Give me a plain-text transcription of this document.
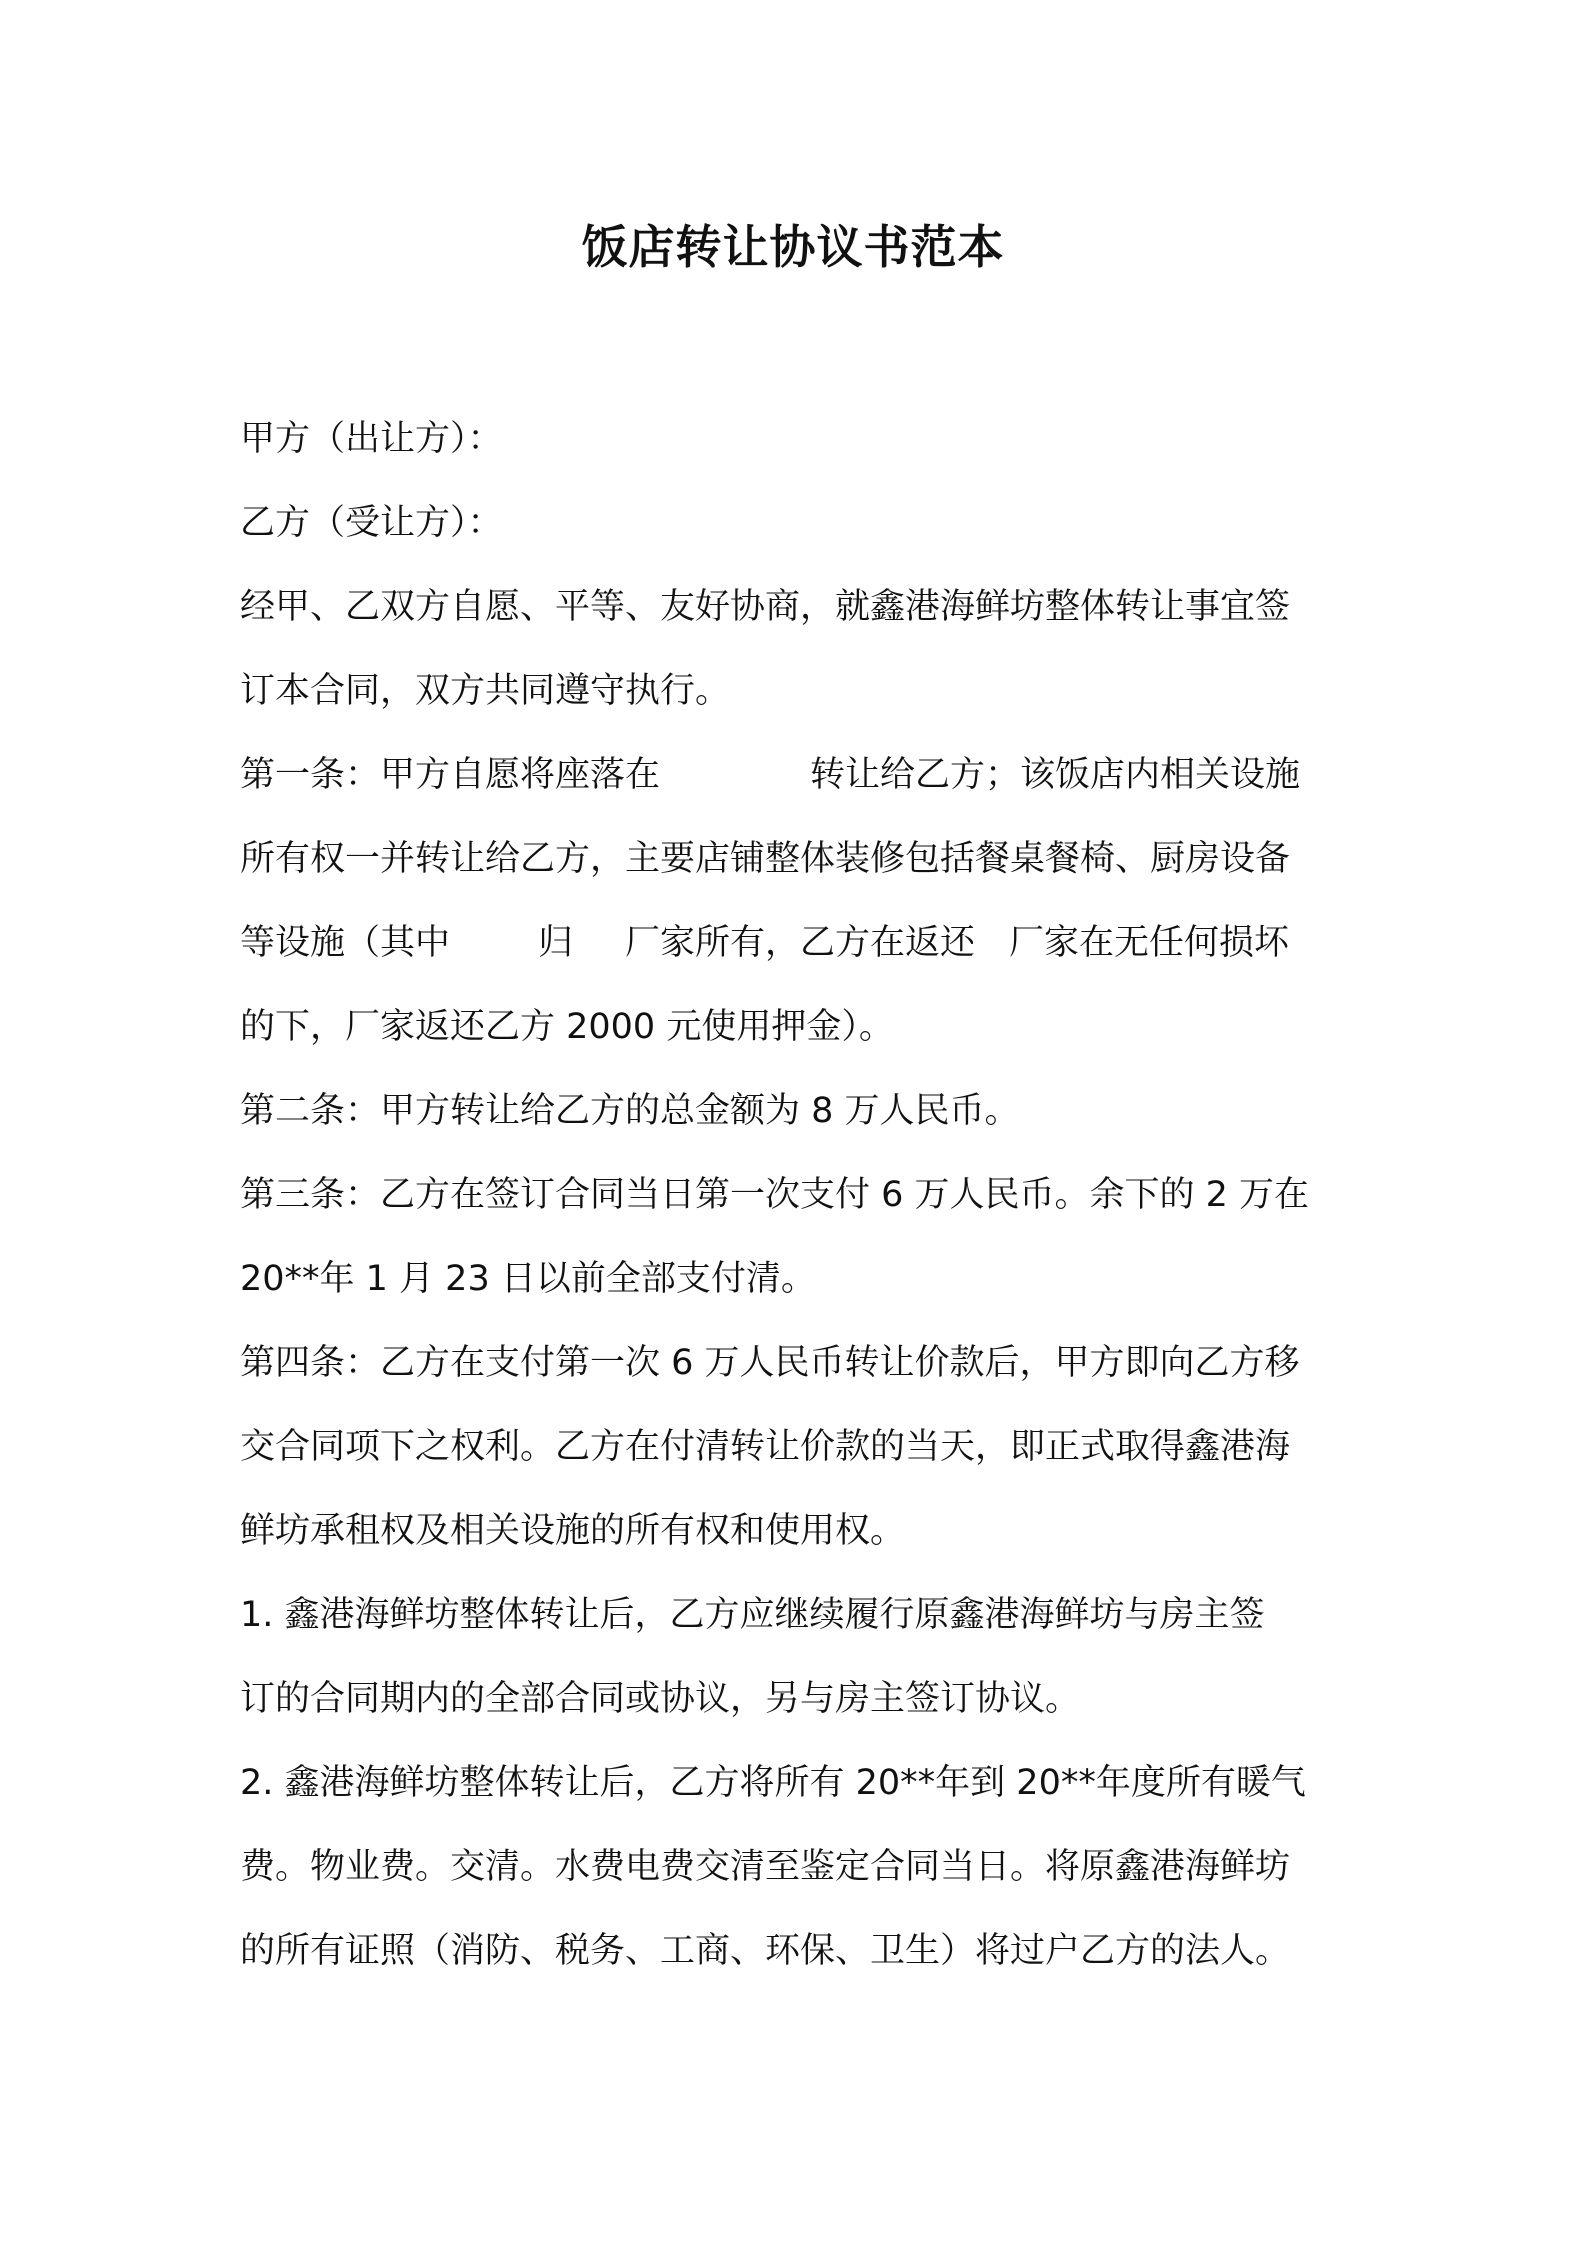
饭店转让协议书范本
甲方（出让方）：
乙方（受让方）：
经甲、乙双方自愿、平等、友好协商，就鑫港海鲜坊整体转让事宜签
订本合同，双方共同遵守执行。
第一条：甲方自愿将座落在	转让给乙方；该饭店内相关设施
所有权一并转让给乙方，主要店铺整体装修包括餐桌餐椅、厨房设备
等设施（其中	归 厂家所有，乙方在返还 厂家在无任何损坏
的下，厂家返还乙方 2000 元使用押金）。
第二条：甲方转让给乙方的总金额为 8 万人民币。
第三条：乙方在签订合同当日第一次支付 6 万人民币。余下的 2 万在
20**年 1 月 23 日以前全部支付清。
第四条：乙方在支付第一次 6 万人民币转让价款后，甲方即向乙方移
交合同项下之权利。乙方在付清转让价款的当天，即正式取得鑫港海
鲜坊承租权及相关设施的所有权和使用权。
1. 鑫港海鲜坊整体转让后，乙方应继续履行原鑫港海鲜坊与房主签
订的合同期内的全部合同或协议，另与房主签订协议。
2. 鑫港海鲜坊整体转让后，乙方将所有 20**年到 20**年度所有暖气
费。物业费。交清。水费电费交清至鉴定合同当日。将原鑫港海鲜坊
的所有证照（消防、税务、工商、环保、卫生）将过户乙方的法人。
